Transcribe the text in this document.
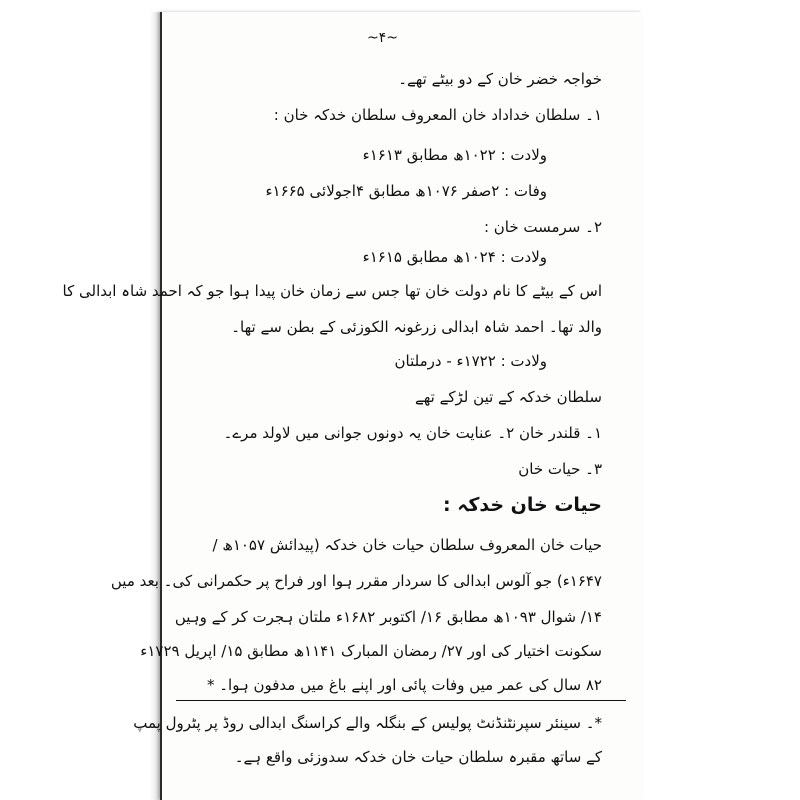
~۴~
خواجہ خضر خان کے دو بیٹے تھے۔
۱۔ سلطان خداداد خان المعروف سلطان خدکہ خان :
ولادت : ۱۰۲۲ھ مطابق ۱۶۱۳ء
وفات : ۲صفر ۱۰۷۶ھ مطابق ۴اجولائی ۱۶۶۵ء
۲۔ سرمست خان :
ولادت : ۱۰۲۴ھ مطابق ۱۶۱۵ء
اس کے بیٹے کا نام دولت خان تھا جس سے زمان خان پیدا ہوا جو کہ احمد شاہ ابدالی کا
والد تھا۔ احمد شاہ ابدالی زرغونہ الکوزئی کے بطن سے تھا۔
ولادت : ۱۷۲۲ء - درملتان
سلطان خدکہ کے تین لڑکے تھے
۱۔ قلندر خان ۲۔ عنایت خان یہ دونوں جوانی میں لاولد مرے۔
۳۔ حیات خان
حیات خان خدکہ :
حیات خان المعروف سلطان حیات خان خدکہ (پیدائش ۱۰۵۷ھ /
۱۶۴۷ء) جو آلوس ابدالی کا سردار مقرر ہوا اور فراح پر حکمرانی کی۔ بعد میں
۱۴/ شوال ۱۰۹۳ھ مطابق ۱۶/ اکتوبر ۱۶۸۲ء ملتان ہجرت کر کے وہیں
سکونت اختیار کی اور ۲۷/ رمضان المبارک ۱۱۴۱ھ مطابق ۱۵/ اپریل ۱۷۲۹ء
۸۲ سال کی عمر میں وفات پائی اور اپنے باغ میں مدفون ہوا۔ *
*۔ سینئر سپرنٹنڈنٹ پولیس کے بنگلہ والے کراسنگ ابدالی روڈ پر پٹرول پمپ
کے ساتھ مقبرہ سلطان حیات خان خدکہ سدوزئی واقع ہے۔
